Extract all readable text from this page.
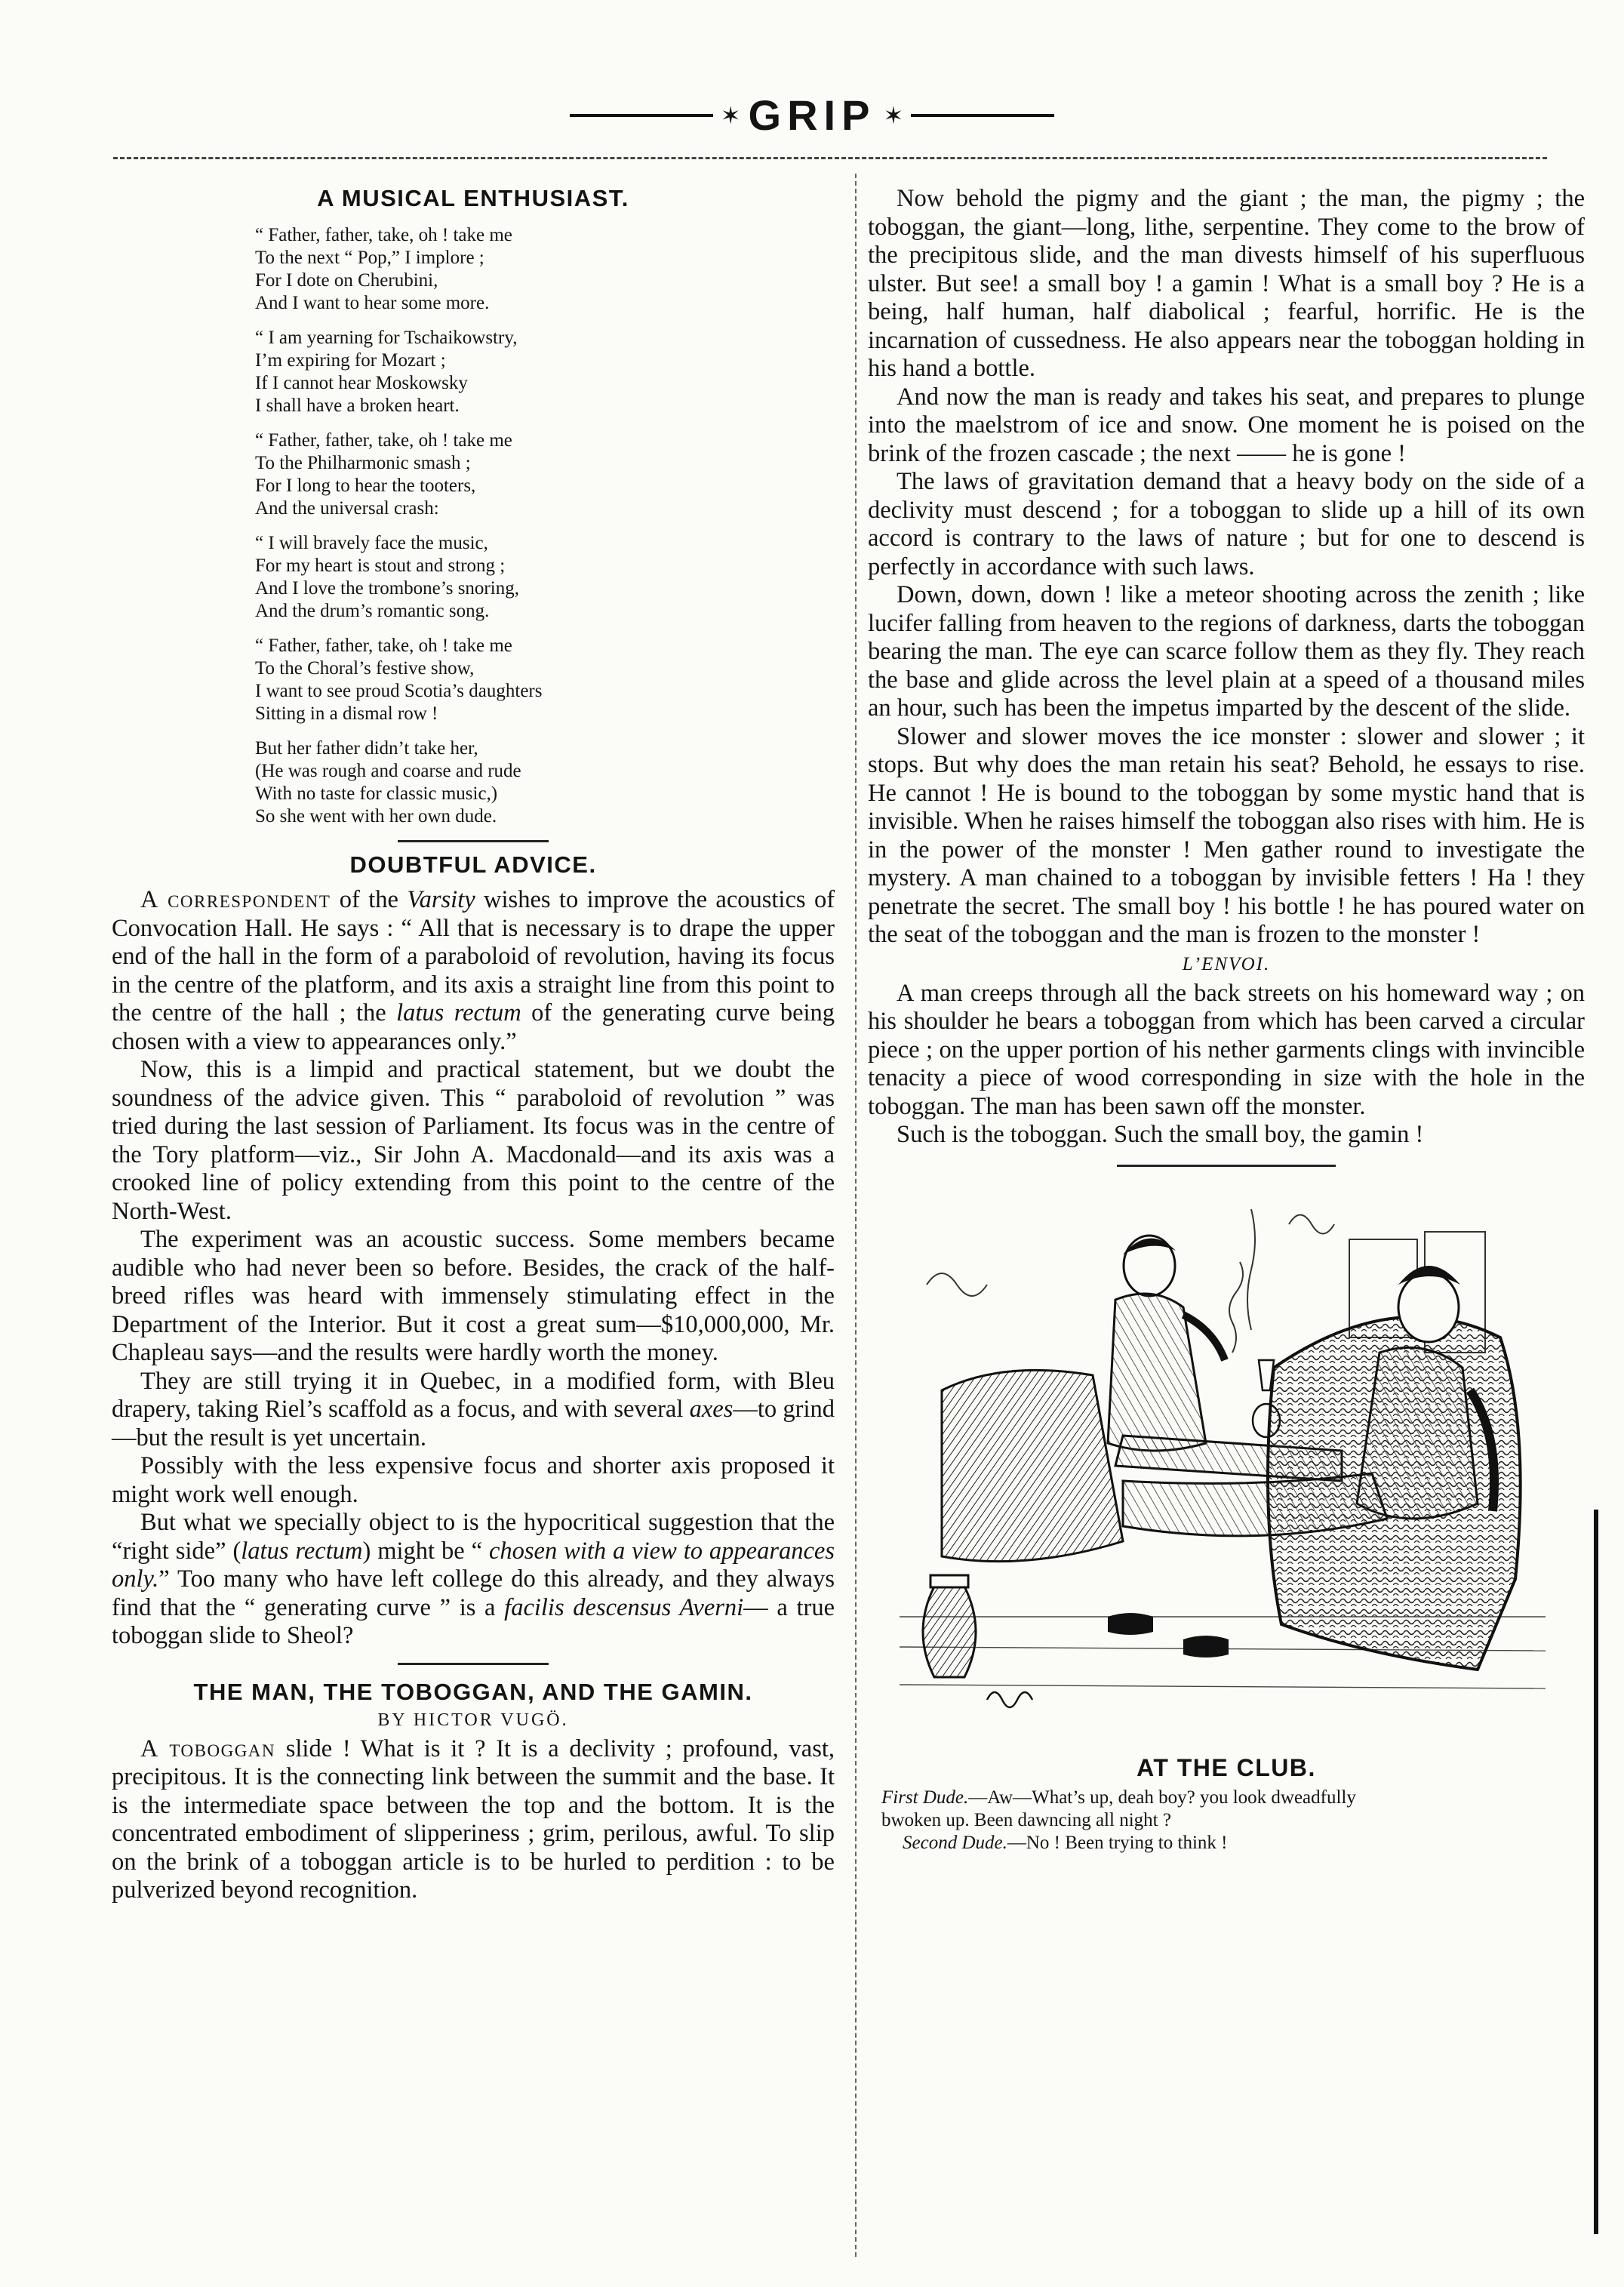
✶ GRIP ✶
A MUSICAL ENTHUSIAST.
“ Father, father, take, oh ! take me
To the next “ Pop,” I implore ;
For I dote on Cherubini,
And I want to hear some more.
“ I am yearning for Tschaikowstry,
I’m expiring for Mozart ;
If I cannot hear Moskowsky
I shall have a broken heart.
“ Father, father, take, oh ! take me
To the Philharmonic smash ;
For I long to hear the tooters,
And the universal crash:
“ I will bravely face the music,
For my heart is stout and strong ;
And I love the trombone’s snoring,
And the drum’s romantic song.
“ Father, father, take, oh ! take me
To the Choral’s festive show,
I want to see proud Scotia’s daughters
Sitting in a dismal row !
But her father didn’t take her,
(He was rough and coarse and rude
With no taste for classic music,)
So she went with her own dude.
DOUBTFUL ADVICE.

A correspondent of the Varsity wishes to improve the acoustics of Convocation Hall. He says : “ All that is necessary is to drape the upper end of the hall in the form of a paraboloid of revolution, having its focus in the centre of the platform, and its axis a straight line from this point to the centre of the hall ; the latus rectum of the generating curve being chosen with a view to appearances only.”

Now, this is a limpid and practical statement, but we doubt the soundness of the advice given. This “ paraboloid of revolution ” was tried during the last session of Parliament. Its focus was in the centre of the Tory platform—viz., Sir John A. Macdonald—and its axis was a crooked line of policy extending from this point to the centre of the North-West.

The experiment was an acoustic success. Some members became audible who had never been so before. Besides, the crack of the half-breed rifles was heard with immensely stimulating effect in the Department of the Interior. But it cost a great sum—$10,000,000, Mr. Chapleau says—and the results were hardly worth the money.

They are still trying it in Quebec, in a modified form, with Bleu drapery, taking Riel’s scaffold as a focus, and with several axes—to grind—but the result is yet uncertain.

Possibly with the less expensive focus and shorter axis proposed it might work well enough.

But what we specially object to is the hypocritical suggestion that the “right side” (latus rectum) might be “ chosen with a view to appearances only.” Too many who have left college do this already, and they always find that the “ generating curve ” is a facilis descensus Averni— a true toboggan slide to Sheol?

THE MAN, THE TOBOGGAN, AND THE GAMIN.
BY HICTOR VUGÖ.

A toboggan slide ! What is it ? It is a declivity ; profound, vast, precipitous. It is the connecting link between the summit and the base. It is the intermediate space between the top and the bottom. It is the concentrated embodiment of slipperiness ; grim, perilous, awful. To slip on the brink of a toboggan article is to be hurled to perdition : to be pulverized beyond recognition.

Now behold the pigmy and the giant ; the man, the pigmy ; the toboggan, the giant—long, lithe, serpentine. They come to the brow of the precipitous slide, and the man divests himself of his superfluous ulster. But see! a small boy ! a gamin ! What is a small boy ? He is a being, half human, half diabolical ; fearful, horrific. He is the incarnation of cussedness. He also appears near the toboggan holding in his hand a bottle.

And now the man is ready and takes his seat, and prepares to plunge into the maelstrom of ice and snow. One moment he is poised on the brink of the frozen cascade ; the next —— he is gone !

The laws of gravitation demand that a heavy body on the side of a declivity must descend ; for a toboggan to slide up a hill of its own accord is contrary to the laws of nature ; but for one to descend is perfectly in accordance with such laws.

Down, down, down ! like a meteor shooting across the zenith ; like lucifer falling from heaven to the regions of darkness, darts the toboggan bearing the man. The eye can scarce follow them as they fly. They reach the base and glide across the level plain at a speed of a thousand miles an hour, such has been the impetus imparted by the descent of the slide.

Slower and slower moves the ice monster : slower and slower ; it stops. But why does the man retain his seat? Behold, he essays to rise. He cannot ! He is bound to the toboggan by some mystic hand that is invisible. When he raises himself the toboggan also rises with him. He is in the power of the monster ! Men gather round to investigate the mystery. A man chained to a toboggan by invisible fetters ! Ha ! they penetrate the secret. The small boy ! his bottle ! he has poured water on the seat of the toboggan and the man is frozen to the monster !

L’ENVOI.

A man creeps through all the back streets on his homeward way ; on his shoulder he bears a toboggan from which has been carved a circular piece ; on the upper portion of his nether garments clings with invincible tenacity a piece of wood corresponding in size with the hole in the toboggan. The man has been sawn off the monster.

Such is the toboggan. Such the small boy, the gamin !

AT THE CLUB.
First Dude.—Aw—What’s up, deah boy? you look dweadfully
bwoken up. Been dawncing all night ?
Second Dude.—No ! Been trying to think !
